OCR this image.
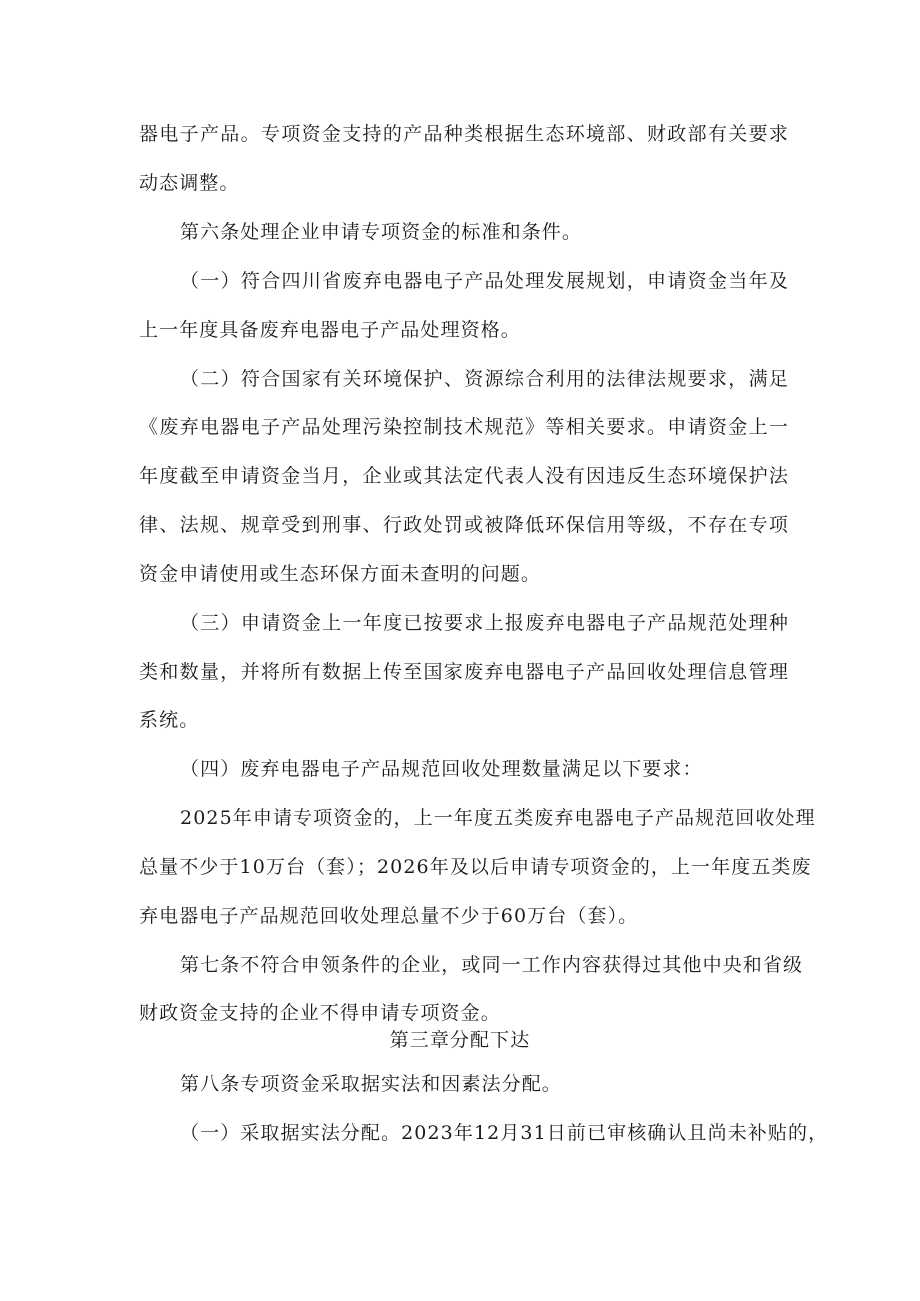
器电子产品。专项资金支持的产品种类根据生态环境部、财政部有关要求
动态调整。
第六条处理企业申请专项资金的标准和条件。
（一）符合四川省废弃电器电子产品处理发展规划，申请资金当年及
上一年度具备废弃电器电子产品处理资格。
（二）符合国家有关环境保护、资源综合利用的法律法规要求，满足
《废弃电器电子产品处理污染控制技术规范》等相关要求。申请资金上一
年度截至申请资金当月，企业或其法定代表人没有因违反生态环境保护法
律、法规、规章受到刑事、行政处罚或被降低环保信用等级，不存在专项
资金申请使用或生态环保方面未查明的问题。
（三）申请资金上一年度已按要求上报废弃电器电子产品规范处理种
类和数量，并将所有数据上传至国家废弃电器电子产品回收处理信息管理
系统。
（四）废弃电器电子产品规范回收处理数量满足以下要求：
2025年申请专项资金的，上一年度五类废弃电器电子产品规范回收处理
总量不少于10万台（套）；2026年及以后申请专项资金的，上一年度五类废
弃电器电子产品规范回收处理总量不少于60万台（套）。
第七条不符合申领条件的企业，或同一工作内容获得过其他中央和省级
财政资金支持的企业不得申请专项资金。
第三章分配下达
第八条专项资金采取据实法和因素法分配。
（一）采取据实法分配。2023年12月31日前已审核确认且尚未补贴的，
